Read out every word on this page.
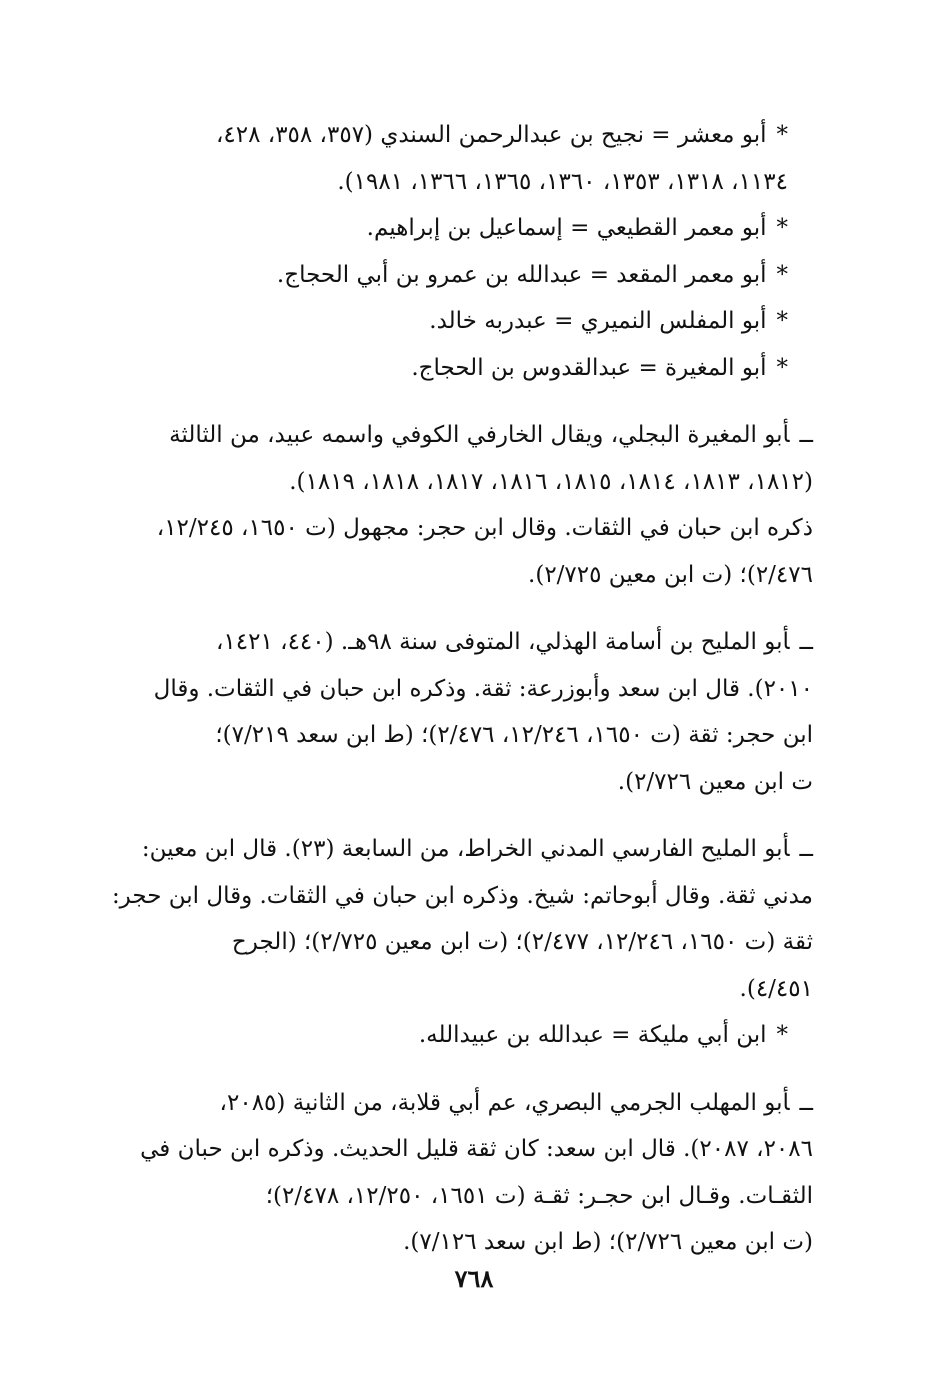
*أبو معشر = نجيح بن عبدالرحمن السندي (٣٥٧، ٣٥٨، ٤٢٨،
١١٣٤، ١٣١٨، ١٣٥٣، ١٣٦٠، ١٣٦٥، ١٣٦٦، ١٩٨١).
*أبو معمر القطيعي = إسماعيل بن إبراهيم.
*أبو معمر المقعد = عبدالله بن عمرو بن أبي الحجاج.
*أبو المفلس النميري = عبدربه خالد.
*أبو المغيرة = عبدالقدوس بن الحجاج.
ــأبو المغيرة البجلي، ويقال الخارفي الكوفي واسمه عبيد، من الثالثة
(١٨١٢، ١٨١٣، ١٨١٤، ١٨١٥، ١٨١٦، ١٨١٧، ١٨١٨، ١٨١٩).
ذكره ابن حبان في الثقات. وقال ابن حجر: مجهول (ت ١٦٥٠، ١٢/٢٤٥،
٢/٤٧٦)؛ (ت ابن معين ٢/٧٢٥).
ــأبو المليح بن أسامة الهذلي، المتوفى سنة ٩٨هـ. (٤٤٠، ١٤٢١،
٢٠١٠). قال ابن سعد وأبوزرعة: ثقة. وذكره ابن حبان في الثقات. وقال
ابن حجر: ثقة (ت ١٦٥٠، ١٢/٢٤٦، ٢/٤٧٦)؛ (ط ابن سعد ٧/٢١٩)؛
ت ابن معين ٢/٧٢٦).
ــأبو المليح الفارسي المدني الخراط، من السابعة (٢٣). قال ابن معين:
مدني ثقة. وقال أبوحاتم: شيخ. وذكره ابن حبان في الثقات. وقال ابن حجر:
ثقة (ت ١٦٥٠، ١٢/٢٤٦، ٢/٤٧٧)؛ (ت ابن معين ٢/٧٢٥)؛ (الجرح
٤/٤٥١).
*ابن أبي مليكة = عبدالله بن عبيدالله.
ــأبو المهلب الجرمي البصري، عم أبي قلابة، من الثانية (٢٠٨٥،
٢٠٨٦، ٢٠٨٧). قال ابن سعد: كان ثقة قليل الحديث. وذكره ابن حبان في
الثقـات. وقـال ابن حجـر: ثقـة (ت ١٦٥١، ١٢/٢٥٠، ٢/٤٧٨)؛
(ت ابن معين ٢/٧٢٦)؛ (ط ابن سعد ٧/١٢٦).
٧٦٨
